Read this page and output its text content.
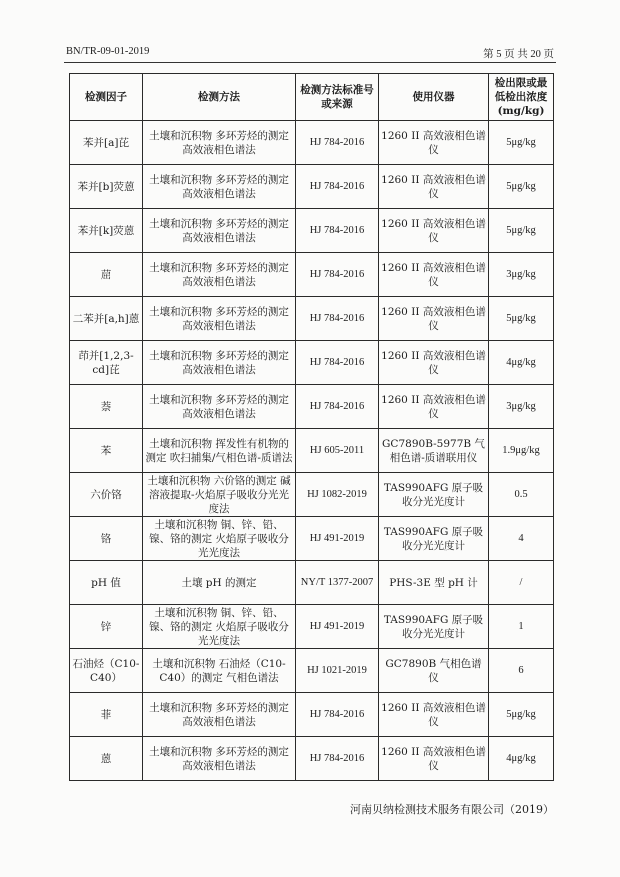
BN/TR-09-01-2019	第 5 页 共 20 页
检测因子	检测方法	检测方法标准号或来源	使用仪器	检出限或最低检出浓度(mg/kg)
苯并[a]芘	土壤和沉积物 多环芳烃的测定 高效液相色谱法	HJ 784-2016	1260 II 高效液相色谱仪	5μg/kg
苯并[b]荧蒽	土壤和沉积物 多环芳烃的测定 高效液相色谱法	HJ 784-2016	1260 II 高效液相色谱仪	5μg/kg
苯并[k]荧蒽	土壤和沉积物 多环芳烃的测定 高效液相色谱法	HJ 784-2016	1260 II 高效液相色谱仪	5μg/kg
䓛	土壤和沉积物 多环芳烃的测定 高效液相色谱法	HJ 784-2016	1260 II 高效液相色谱仪	3μg/kg
二苯并[a,h]蒽	土壤和沉积物 多环芳烃的测定 高效液相色谱法	HJ 784-2016	1260 II 高效液相色谱仪	5μg/kg
茚并[1,2,3-cd]芘	土壤和沉积物 多环芳烃的测定 高效液相色谱法	HJ 784-2016	1260 II 高效液相色谱仪	4μg/kg
萘	土壤和沉积物 多环芳烃的测定 高效液相色谱法	HJ 784-2016	1260 II 高效液相色谱仪	3μg/kg
苯	土壤和沉积物 挥发性有机物的测定 吹扫捕集/气相色谱-质谱法	HJ 605-2011	GC7890B-5977B 气相色谱-质谱联用仪	1.9μg/kg
六价铬	土壤和沉积物 六价铬的测定 碱溶液提取-火焰原子吸收分光光度法	HJ 1082-2019	TAS990AFG 原子吸收分光光度计	0.5
铬	土壤和沉积物 铜、锌、铅、镍、铬的测定 火焰原子吸收分光光度法	HJ 491-2019	TAS990AFG 原子吸收分光光度计	4
pH 值	土壤 pH 的测定	NY/T 1377-2007	PHS-3E 型 pH 计	/
锌	土壤和沉积物 铜、锌、铅、镍、铬的测定 火焰原子吸收分光光度法	HJ 491-2019	TAS990AFG 原子吸收分光光度计	1
石油烃（C10-C40）	土壤和沉积物 石油烃（C10-C40）的测定 气相色谱法	HJ 1021-2019	GC7890B 气相色谱仪	6
菲	土壤和沉积物 多环芳烃的测定 高效液相色谱法	HJ 784-2016	1260 II 高效液相色谱仪	5μg/kg
蒽	土壤和沉积物 多环芳烃的测定 高效液相色谱法	HJ 784-2016	1260 II 高效液相色谱仪	4μg/kg
河南贝纳检测技术服务有限公司（2019）
